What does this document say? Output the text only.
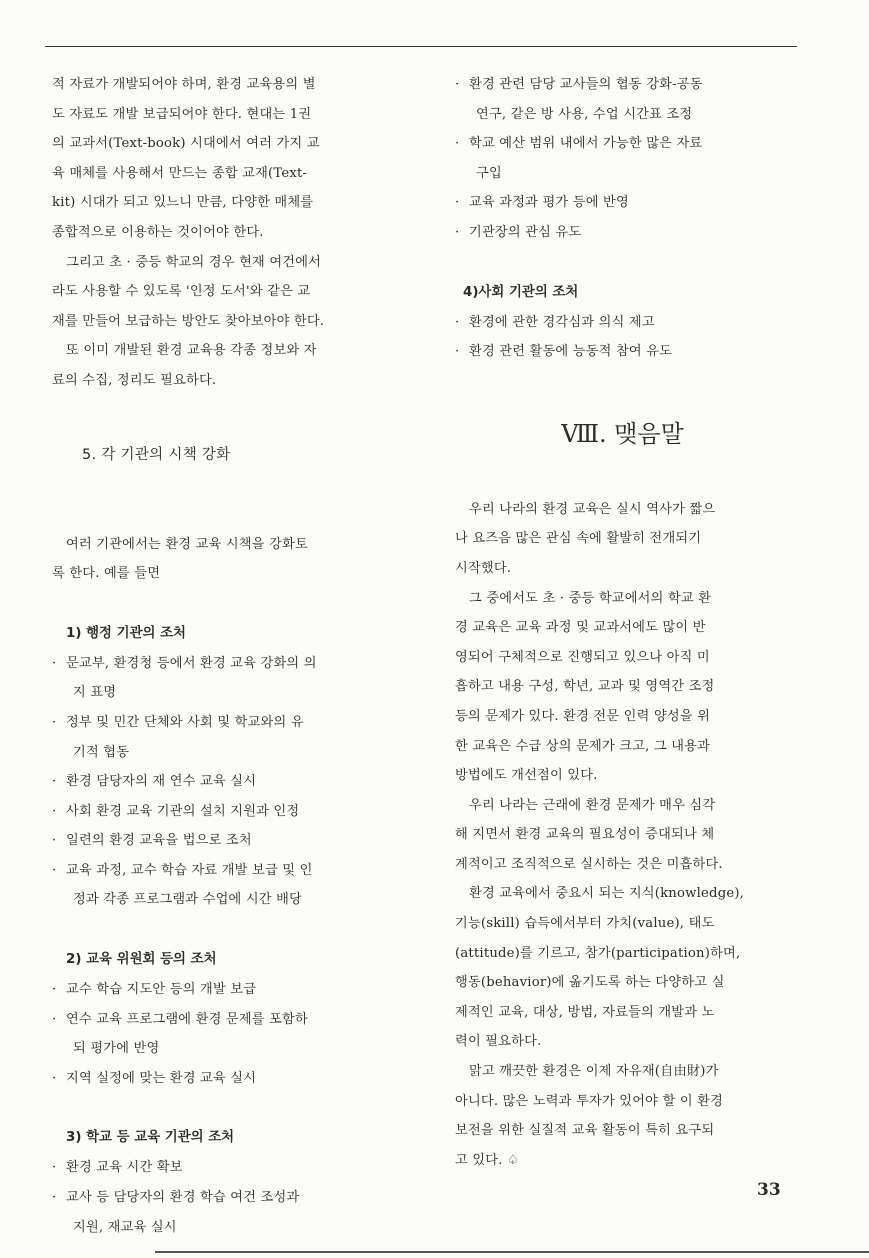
적 자료가 개발되어야 하며, 환경 교육용의 별
도 자료도 개발 보급되어야 한다. 현대는 1권
의 교과서(Text-book) 시대에서 여러 가지 교
육 매체를 사용해서 만드는 종합 교재(Text-
kit) 시대가 되고 있느니 만큼, 다양한 매체를
종합적으로 이용하는 것이어야 한다.
그리고 초 · 중등 학교의 경우 현재 여건에서
라도 사용할 수 있도록 '인정 도서'와 같은 교
재를 만들어 보급하는 방안도 찾아보아야 한다.
또 이미 개발된 환경 교육용 각종 정보와 자
료의 수집, 정리도 필요하다.
5. 각 기관의 시책 강화
여러 기관에서는 환경 교육 시책을 강화토
록 한다. 예를 들면
1) 행정 기관의 조처
· 문교부, 환경청 등에서 환경 교육 강화의 의
지 표명
· 정부 및 민간 단체와 사회 및 학교와의 유
기적 협동
· 환경 담당자의 재 연수 교육 실시
· 사회 환경 교육 기관의 설치 지원과 인정
· 일련의 환경 교육을 법으로 조처
· 교육 과정, 교수 학습 자료 개발 보급 및 인
정과 각종 프로그램과 수업에 시간 배당
2) 교육 위원회 등의 조처
· 교수 학습 지도안 등의 개발 보급
· 연수 교육 프로그램에 환경 문제를 포함하
되 평가에 반영
· 지역 실정에 맞는 환경 교육 실시
3) 학교 등 교육 기관의 조처
· 환경 교육 시간 확보
· 교사 등 담당자의 환경 학습 여건 조성과
지원, 재교육 실시
· 환경 관련 담당 교사들의 협동 강화-공동
연구, 같은 방 사용, 수업 시간표 조정
· 학교 예산 범위 내에서 가능한 많은 자료
구입
· 교육 과정과 평가 등에 반영
· 기관장의 관심 유도
4)사회 기관의 조처
· 환경에 관한 경각심과 의식 제고
· 환경 관련 활동에 능동적 참여 유도
Ⅷ. 맺음말
우리 나라의 환경 교육은 실시 역사가 짧으
나 요즈음 많은 관심 속에 활발히 전개되기
시작했다.
그 중에서도 초 · 중등 학교에서의 학교 환
경 교육은 교육 과정 및 교과서에도 많이 반
영되어 구체적으로 진행되고 있으나 아직 미
흡하고 내용 구성, 학년, 교과 및 영역간 조정
등의 문제가 있다. 환경 전문 인력 양성을 위
한 교육은 수급 상의 문제가 크고, 그 내용과
방법에도 개선점이 있다.
우리 나라는 근래에 환경 문제가 매우 심각
해 지면서 환경 교육의 필요성이 증대되나 체
계적이고 조직적으로 실시하는 것은 미흡하다.
환경 교육에서 중요시 되는 지식(knowledge),
기능(skill) 습득에서부터 가치(value), 태도
(attitude)를 기르고, 참가(participation)하며,
행동(behavior)에 옮기도록 하는 다양하고 실
제적인 교육, 대상, 방법, 자료들의 개발과 노
력이 필요하다.
맑고 깨끗한 환경은 이제 자유재(自由財)가
아니다. 많은 노력과 투자가 있어야 할 이 환경
보전을 위한 실질적 교육 활동이 특히 요구되
고 있다. ♤
33
